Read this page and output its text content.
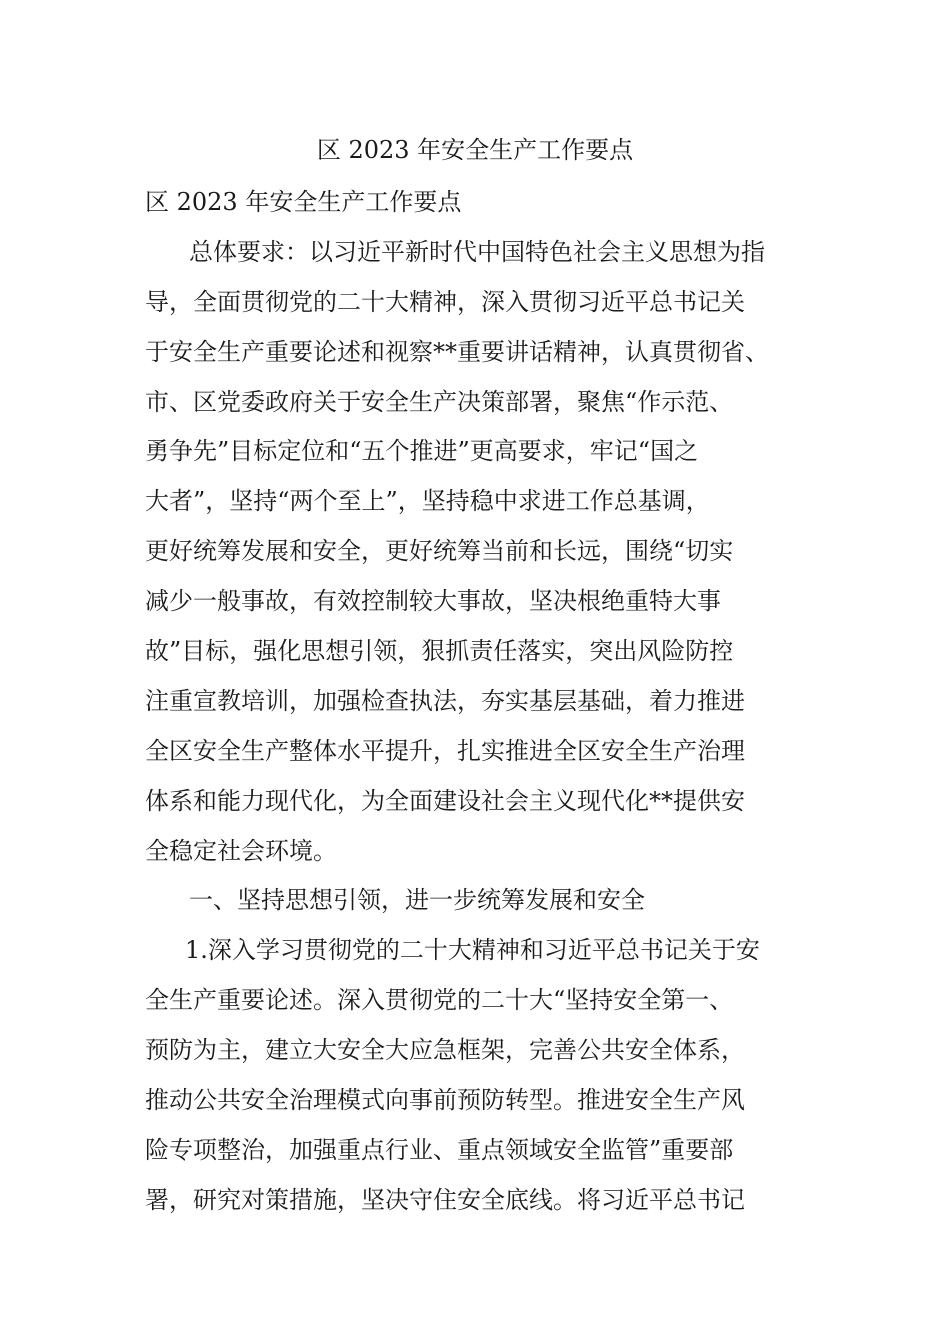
区 2023 年安全生产工作要点

区 2023 年安全生产工作要点

总体要求：以习近平新时代中国特色社会主义思想为指

导，全面贯彻党的二十大精神，深入贯彻习近平总书记关

于安全生产重要论述和视察**重要讲话精神，认真贯彻省、

市、区党委政府关于安全生产决策部署，聚焦“作示范、

勇争先”目标定位和“五个推进”更高要求，牢记“国之

大者”，坚持“两个至上”，坚持稳中求进工作总基调，

更好统筹发展和安全，更好统筹当前和长远，围绕“切实

减少一般事故，有效控制较大事故，坚决根绝重特大事

故”目标，强化思想引领，狠抓责任落实，突出风险防控

注重宣教培训，加强检查执法，夯实基层基础，着力推进

全区安全生产整体水平提升，扎实推进全区安全生产治理

体系和能力现代化，为全面建设社会主义现代化**提供安

全稳定社会环境。

一、坚持思想引领，进一步统筹发展和安全

1.深入学习贯彻党的二十大精神和习近平总书记关于安

全生产重要论述。深入贯彻党的二十大“坚持安全第一、

预防为主，建立大安全大应急框架，完善公共安全体系，

推动公共安全治理模式向事前预防转型。推进安全生产风

险专项整治，加强重点行业、重点领域安全监管”重要部

署，研究对策措施，坚决守住安全底线。将习近平总书记
